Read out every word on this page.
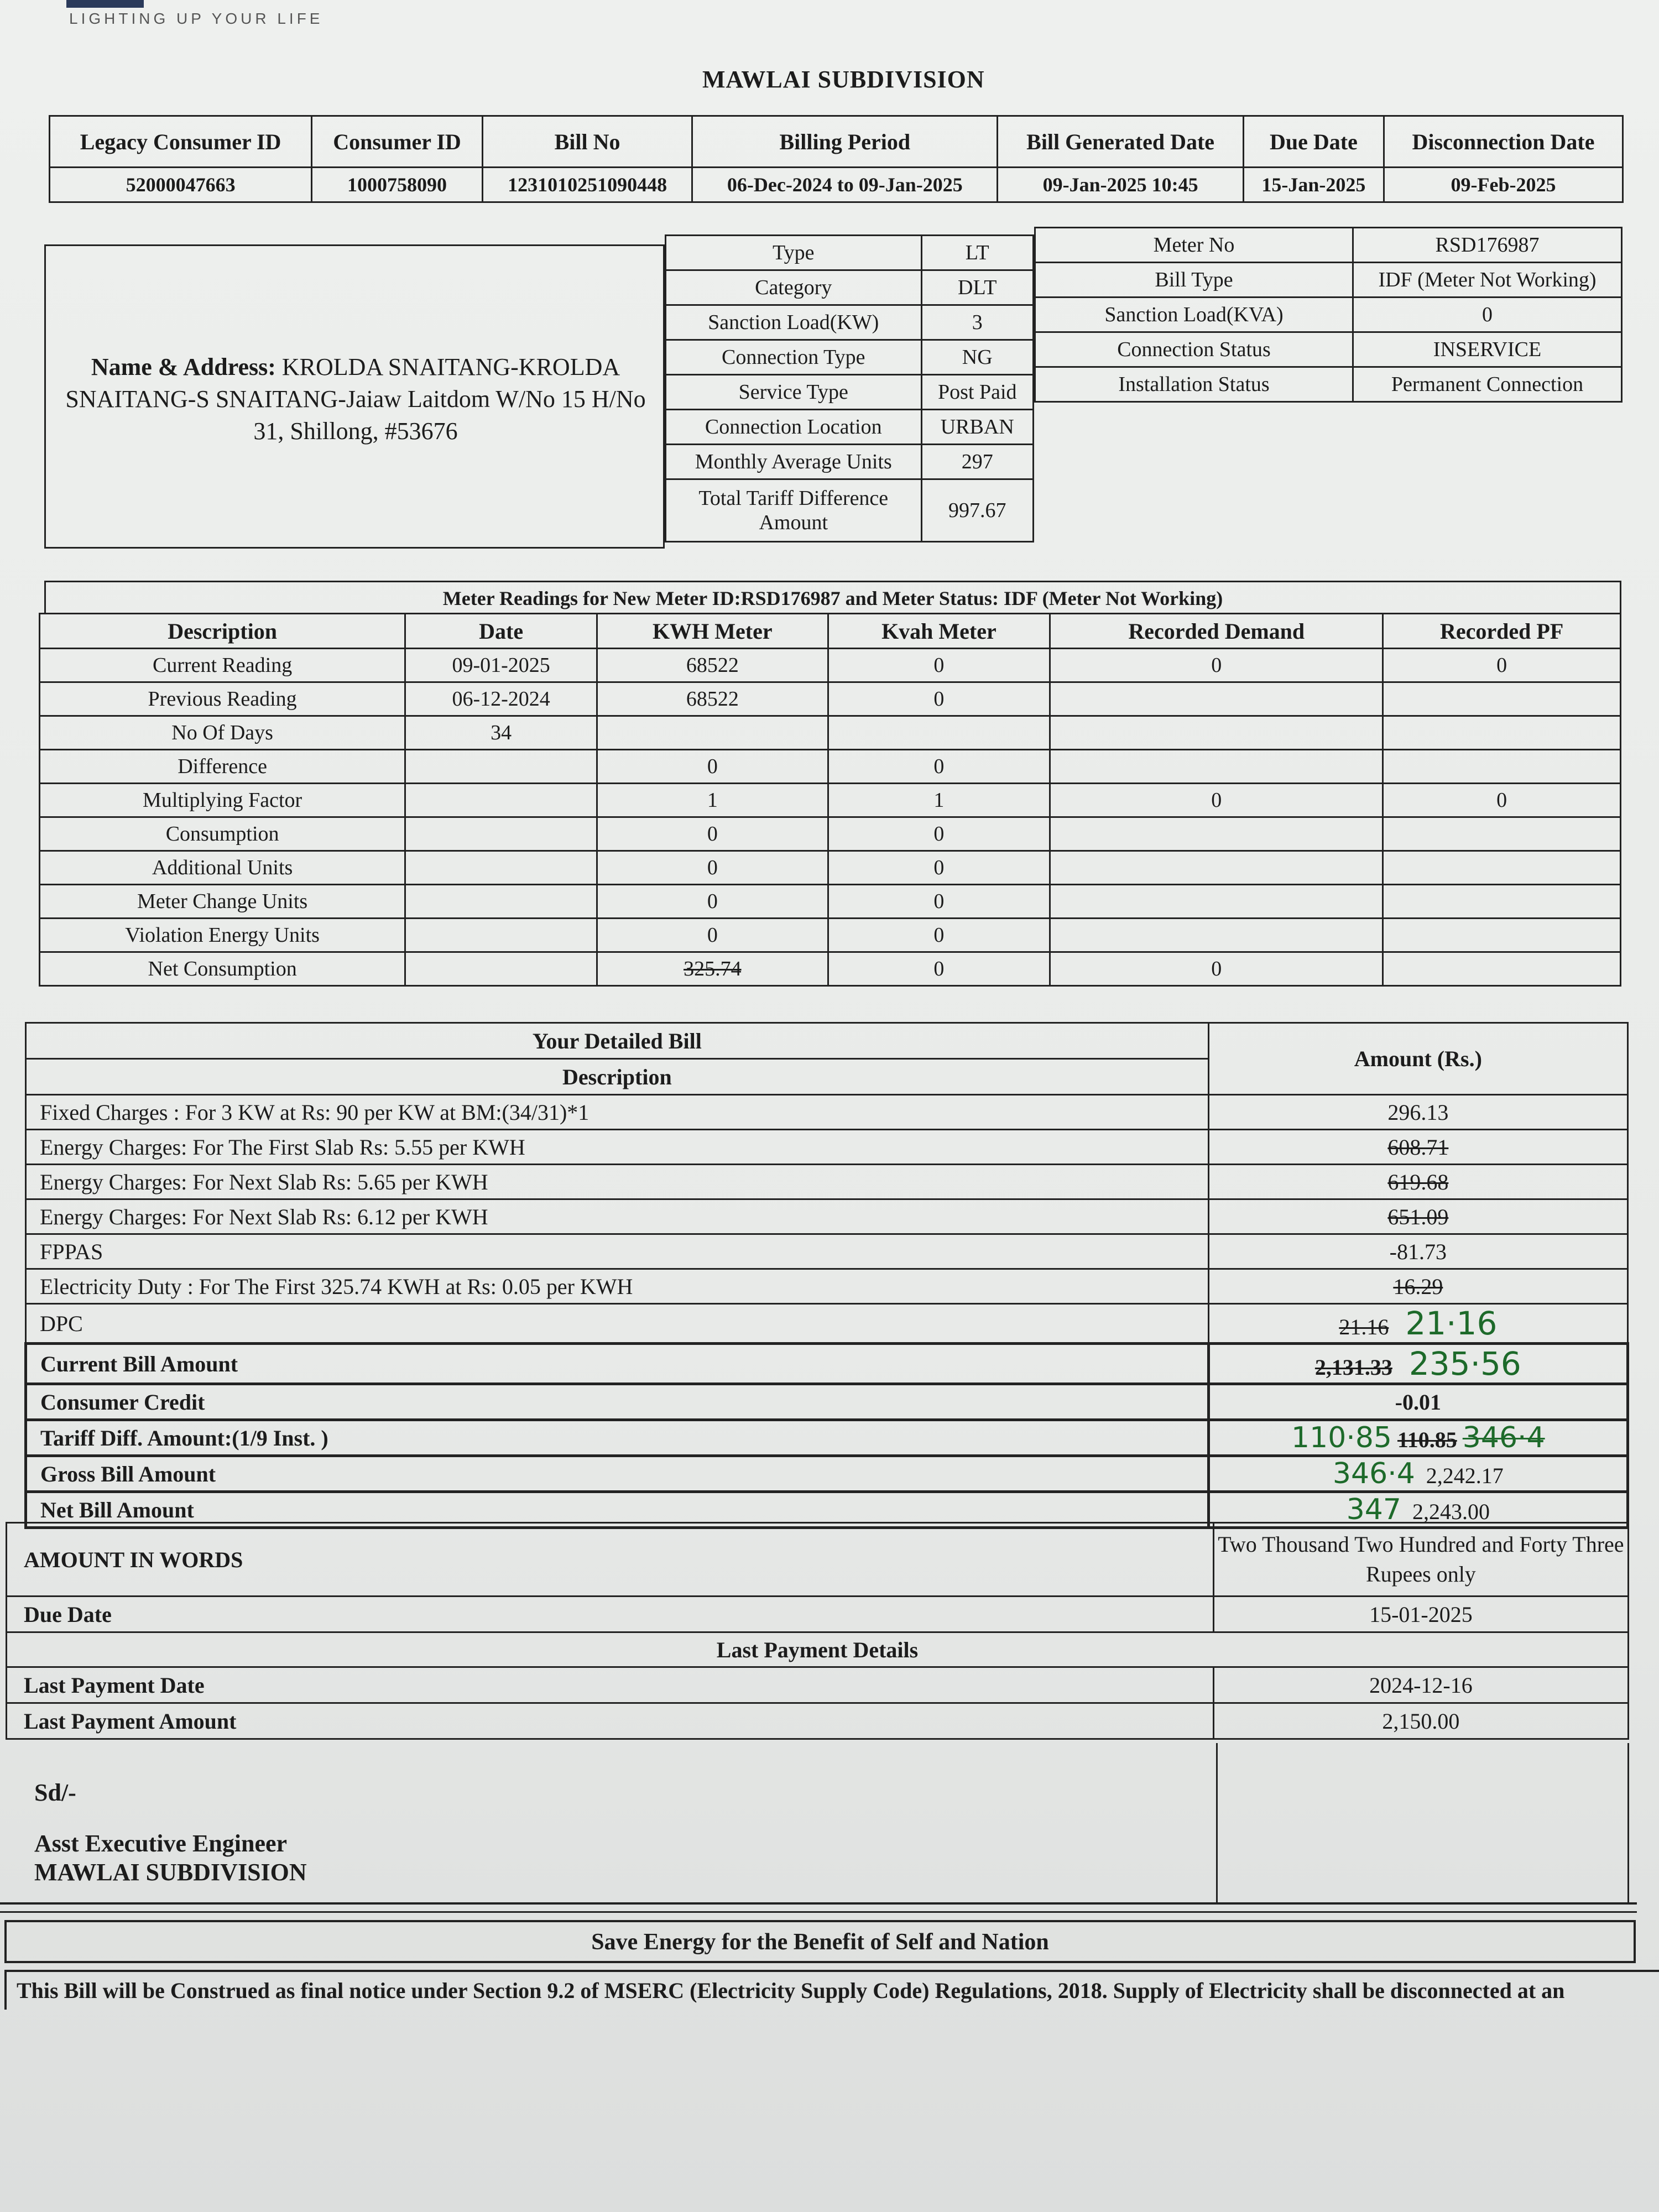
LIGHTING UP YOUR LIFE
MAWLAI SUBDIVISION
Legacy Consumer ID	Consumer ID	Bill No	Billing Period	Bill Generated Date	Due Date	Disconnection Date
52000047663	1000758090	1231010251090448	06-Dec-2024 to 09-Jan-2025	09-Jan-2025 10:45	15-Jan-2025	09-Feb-2025
Name & Address: KROLDA SNAITANG-KROLDA SNAITANG-S SNAITANG-Jaiaw Laitdom W/No 15 H/No 31, Shillong, #53676
Type	LT
Category	DLT
Sanction Load(KW)	3
Connection Type	NG
Service Type	Post Paid
Connection Location	URBAN
Monthly Average Units	297
Total Tariff Difference Amount	997.67
Meter No	RSD176987
Bill Type	IDF (Meter Not Working)
Sanction Load(KVA)	0
Connection Status	INSERVICE
Installation Status	Permanent Connection
Meter Readings for New Meter ID:RSD176987 and Meter Status: IDF (Meter Not Working)
Description	Date	KWH Meter	Kvah Meter	Recorded Demand	Recorded PF
Current Reading	09-01-2025	68522	0	0	0
Previous Reading	06-12-2024	68522	0		
No Of Days	34				
Difference		0	0		
Multiplying Factor		1	1	0	0
Consumption		0	0		
Additional Units		0	0		
Meter Change Units		0	0		
Violation Energy Units		0	0		
Net Consumption		325.74	0	0	
Your Detailed Bill	Amount (Rs.)
Description	
Fixed Charges : For 3 KW at Rs: 90 per KW at BM:(34/31)*1	296.13
Energy Charges: For The First Slab Rs: 5.55 per KWH	608.71
Energy Charges: For Next Slab Rs: 5.65 per KWH	619.68
Energy Charges: For Next Slab Rs: 6.12 per KWH	651.09
FPPAS	-81.73
Electricity Duty : For The First 325.74 KWH at Rs: 0.05 per KWH	16.29
DPC	21.16 21·16
Current Bill Amount	2,131.33 235·56
Consumer Credit	-0.01
Tariff Diff. Amount:(1/9 Inst. )	110·85 110.85 346·4
Gross Bill Amount	346·4 2,242.17
Net Bill Amount	347 2,243.00
AMOUNT IN WORDS	Two Thousand Two Hundred and Forty Three Rupees only
Due Date	15-01-2025
Last Payment Details	
Last Payment Date	2024-12-16
Last Payment Amount	2,150.00
Sd/-
Asst Executive Engineer
MAWLAI SUBDIVISION
Save Energy for the Benefit of Self and Nation
This Bill will be Construed as final notice under Section 9.2 of MSERC (Electricity Supply Code) Regulations, 2018. Supply of Electricity shall be disconnected at an
